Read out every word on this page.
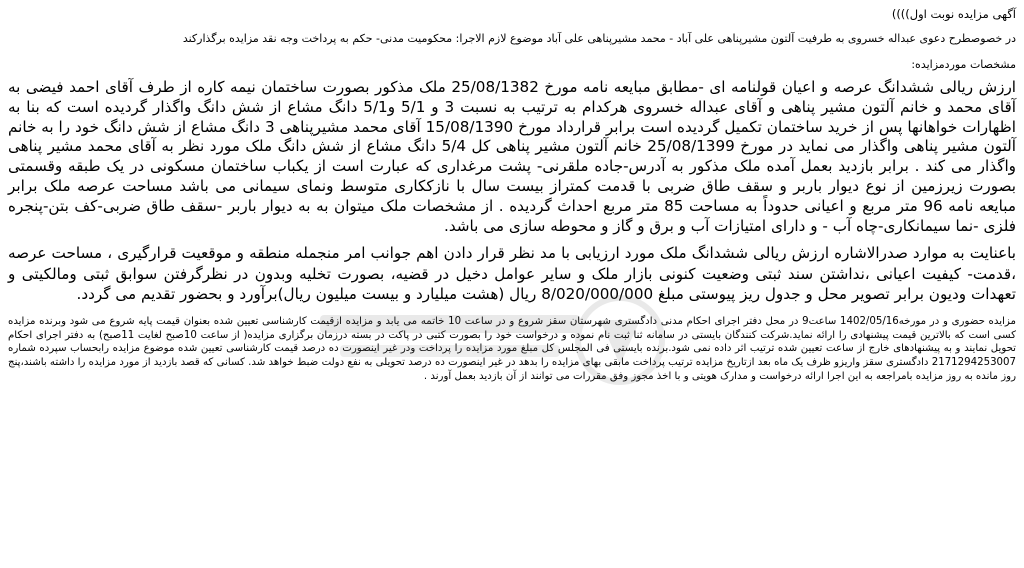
آگهی مزایده نوبت اول))))
در خصوصطرح دعوی عبداله خسروی به طرفیت آلتون مشیرپناهی علی آباد - محمد مشیرپناهی علی آباد موضوع لازم الاجرا: محکومیت مدنی- حکم به پرداخت وجه نقد مزایده برگذارکند
مشخصات موردمزایده:
ارزش ریالی ششدانگ عرصه و اعیان قولنامه ای -مطابق مبایعه نامه مورخ 25/08/1382 ملک مذکور بصورت ساختمان نیمه کاره از طرف آقای احمد فیضی به آقای محمد و خانم آلتون مشیر پناهی و آقای عبداله خسروی هرکدام به ترتیب به نسبت 3 و 5/1 و5/1 دانگ مشاع از شش دانگ واگذار گردیده است که بنا به اظهارات خواهانها پس از خرید ساختمان تکمیل گردیده است برابر قرارداد مورخ 15/08/1390 آقای محمد مشیرپناهی 3 دانگ مشاع از شش دانگ خود را به خانم آلتون مشیر پناهی واگذار می نماید در مورخ 25/08/1399 خانم آلتون مشیر پناهی کل 5/4 دانگ مشاع از شش دانگ ملک مورد نظر به آقای محمد مشیر پناهی واگذار می کند . برابر بازدید بعمل آمده ملک مذکور به آدرس-جاده ملقرنی- پشت مرغداری که عبارت است از یکباب ساختمان مسکونی در یک طبقه وقسمتی بصورت زیرزمین از نوع دیوار باربر و سقف طاق ضربی با قدمت کمتراز بیست سال با نازککاری متوسط ونمای سیمانی می باشد مساحت عرصه ملک برابر مبایعه نامه 96 متر مربع و اعیانی حدوداً به مساحت 85 متر مربع احداث گردیده . از مشخصات ملک میتوان به به دیوار باربر -سقف طاق ضربی-کف بتن-پنجره فلزی -نما سیمانکاری-چاه آب - و دارای امتیازات آب و برق و گاز و محوطه سازی می باشد.
باعنایت به موارد صدرالاشاره ارزش ریالی ششدانگ ملک مورد ارزیابی با مد نظر قرار دادن اهم جوانب امر منجمله منطقه و موقعیت قرارگیری ، مساحت عرصه ،قدمت- کیفیت اعیانی ،نداشتن سند ثبتی وضعیت کنونی بازار ملک و سایر عوامل دخیل در قضیه، بصورت تخلیه وبدون در نظرگرفتن سوابق ثبتی ومالکیتی و تعهدات ودیون برابر تصویر محل و جدول ریز پیوستی مبلغ 8/020/000/000 ریال (هشت میلیارد و بیست میلیون ریال)برآورد و بحضور تقدیم می گردد.
مزایده حضوری و در مورخه1402/05/16 ساعت9 در محل دفتر اجرای احکام مدنی دادگستری شهرستان سقز شروع و در ساعت 10 خاتمه می یابد و مزایده ازقیمت کارشناسی تعیین شده بعنوان قیمت پایه شروع می شود وبرنده مزایده کسی است که بالاترین قیمت پیشنهادی را ارائه نماید.شرکت کنندگان بایستی در سامانه ثنا ثبت نام نموده و درخواست خود را بصورت کتبی در پاکت در بسته درزمان برگزاری مزایده( از ساعت 10صبح لغایت 11صبح) به دفتر اجرای احکام تحویل نمایند و به پیشنهادهای خارج از ساعت تعیین شده ترتیب اثر داده نمی شود.برنده بایستی فی المجلس کل مبلغ مورد مزایده را پرداخت ودر غیر اینصورت ده درصد قیمت کارشناسی تعیین شده موضوع مزایده رابحساب سپرده شماره 2171294253007 دادگستری سقز واریزو ظرف یک ماه بعد ازتاریخ مزایده ترتیب پرداخت مابقی بهای مزایده را بدهد در غیر اینصورت ده درصد تحویلی به نفع دولت ضبط خواهد شد. کسانی که قصد بازدید از مورد مزایده را داشته باشند،پنج روز مانده به روز مزایده بامراجعه به این اجرا ارائه درخواست و مدارک هویتی و با اخذ مجوز وفق مقررات می توانند از آن بازدید بعمل آورند .
